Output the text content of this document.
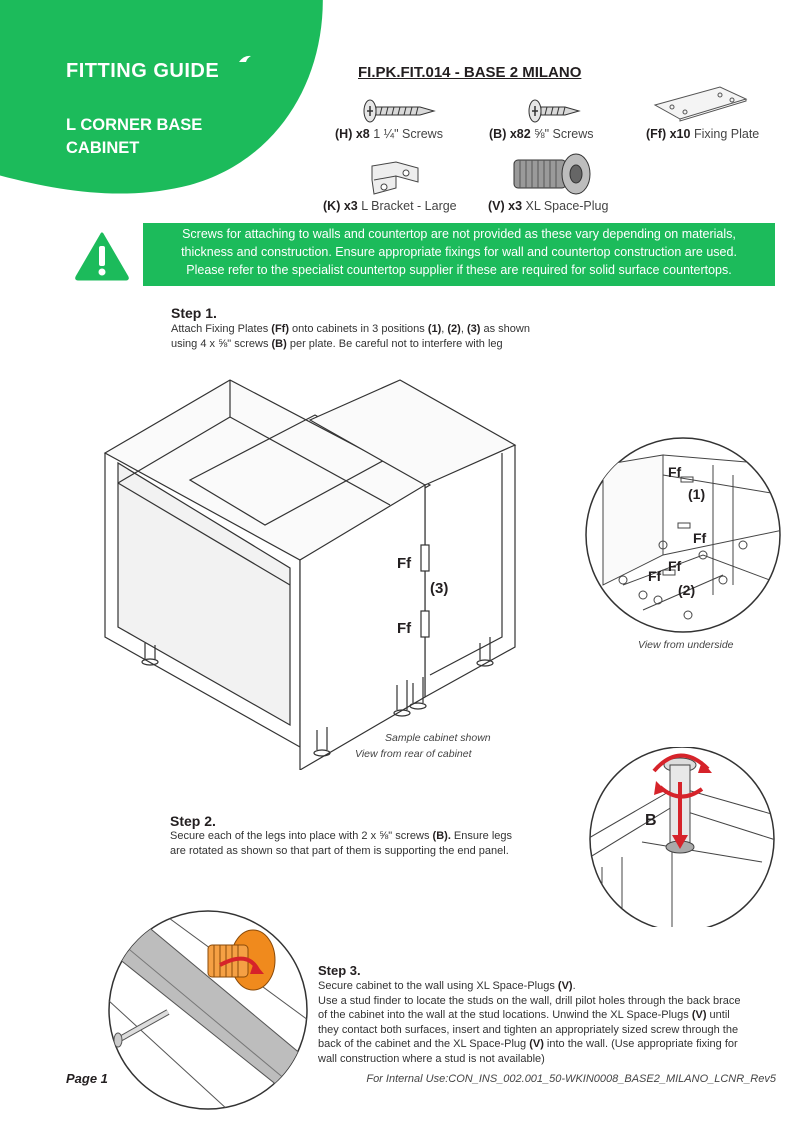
FITTING GUIDE
L CORNER BASE
CABINET
FI.PK.FIT.014 - BASE 2 MILANO
(H) x8 1 ¼" Screws	(B) x82 ⅝" Screws	(Ff) x10 Fixing Plate
(K) x3 L Bracket - Large	(V) x3 XL Space-Plug
Screws for attaching to walls and countertop are not provided as these vary depending on materials,
thickness and construction. Ensure appropriate fixings for wall and countertop construction are used.
Please refer to the specialist countertop supplier if these are required for solid surface countertops.
Step 1.
Attach Fixing Plates (Ff) onto cabinets in 3 positions (1), (2), (3) as shown
using 4 x ⅝" screws (B) per plate. Be careful not to interfere with leg
Ff
(3)
Ff
Sample cabinet shown
View from rear of cabinet
Ff
(1)
Ff
Ff
Ff
(2)
View from underside
Step 2.
Secure each of the legs into place with 2 x ⅝" screws (B). Ensure legs
are rotated as shown so that part of them is supporting the end panel.
B
Step 3.
Secure cabinet to the wall using XL Space-Plugs (V).
Use a stud finder to locate the studs on the wall, drill pilot holes through the back brace
of the cabinet into the wall at the stud locations. Unwind the XL Space-Plugs (V) until
they contact both surfaces, insert and tighten an appropriately sized screw through the
back of the cabinet and the XL Space-Plug (V) into the wall. (Use appropriate fixing for
wall construction where a stud is not available)
Page 1	For Internal Use:CON_INS_002.001_50-WKIN0008_BASE2_MILANO_LCNR_Rev5
